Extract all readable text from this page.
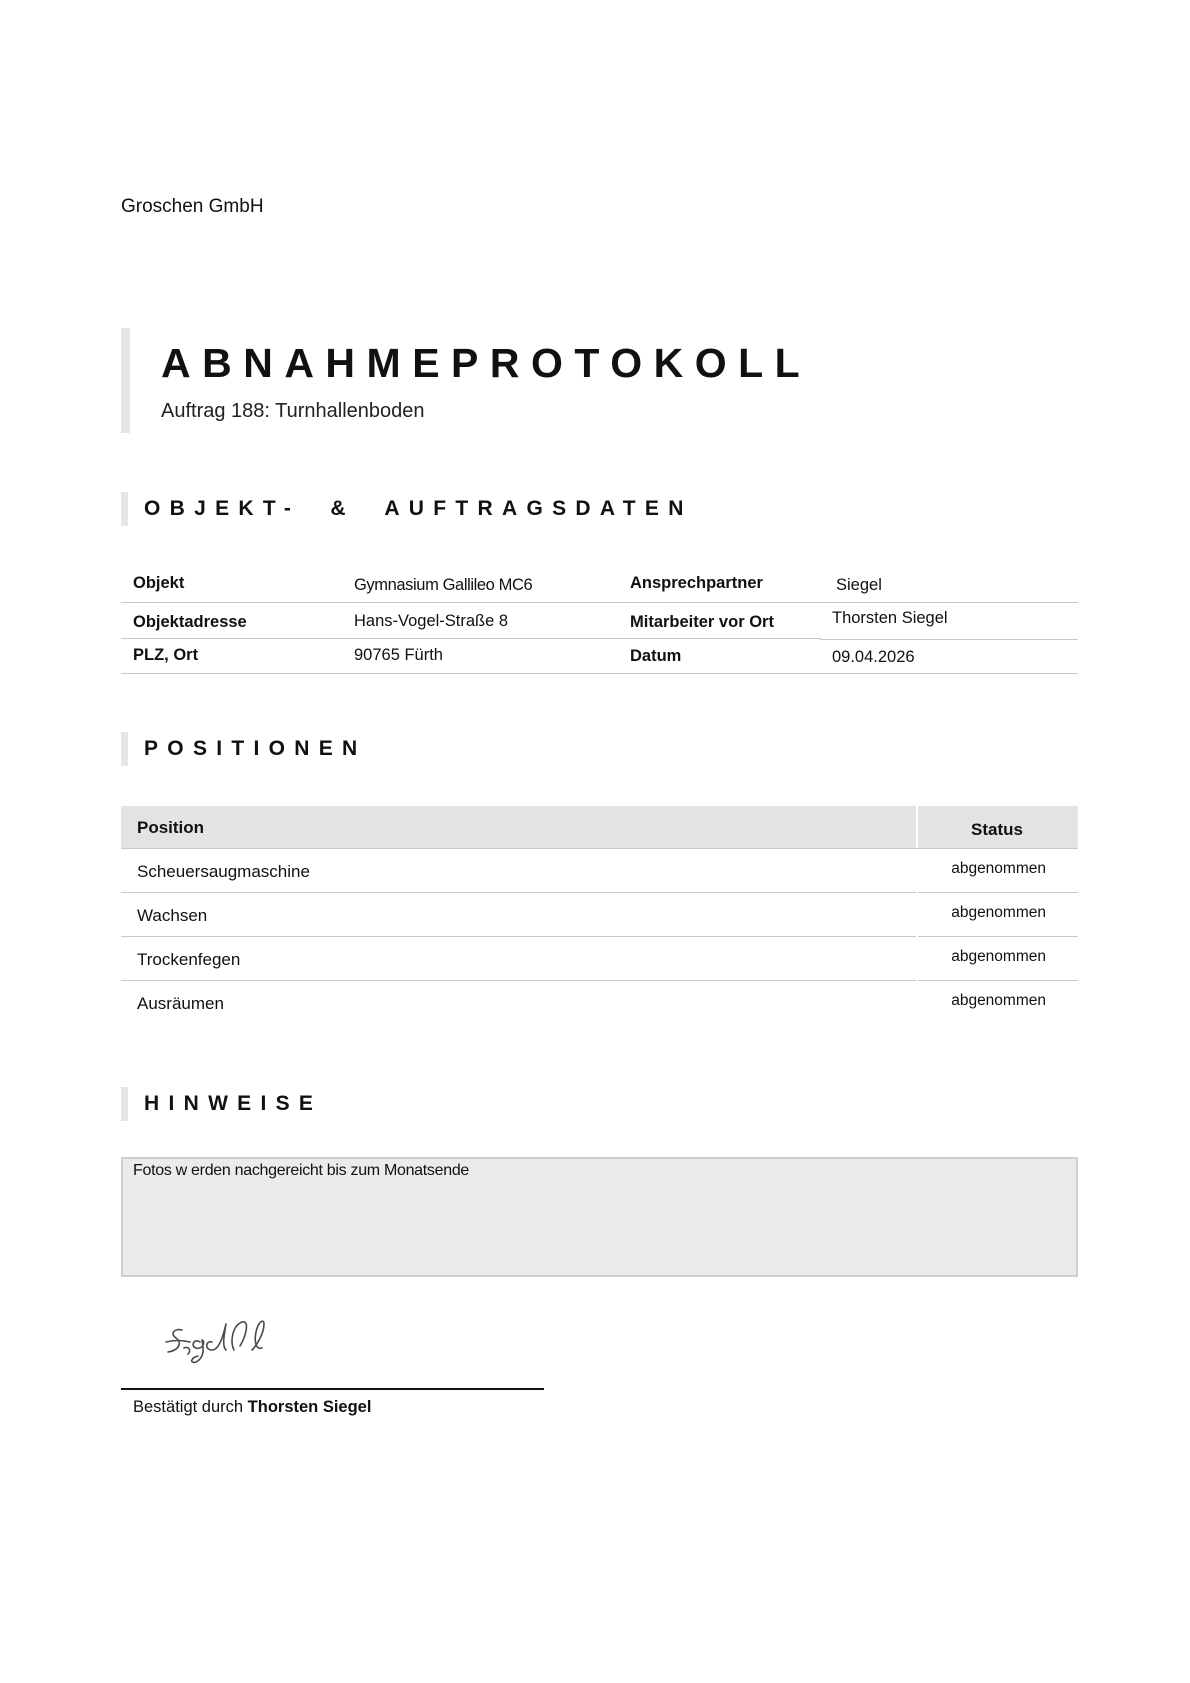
Groschen GmbH
ABNAHMEPROTOKOLL
Auftrag 188: Turnhallenboden
OBJEKT-  &  AUFTRAGSDATEN
Objekt	Gymnasium Gallileo MC6	Ansprechpartner	Siegel
Objektadresse	Hans-Vogel-Straße 8	Mitarbeiter vor Ort	Thorsten Siegel
PLZ, Ort	90765 Fürth	Datum	09.04.2026
POSITIONEN
Position	Status
Scheuersaugmaschine	abgenommen
Wachsen	abgenommen
Trockenfegen	abgenommen
Ausräumen	abgenommen
HINWEISE
Fotos w erden nachgereicht bis zum Monatsende
Bestätigt durch Thorsten Siegel
